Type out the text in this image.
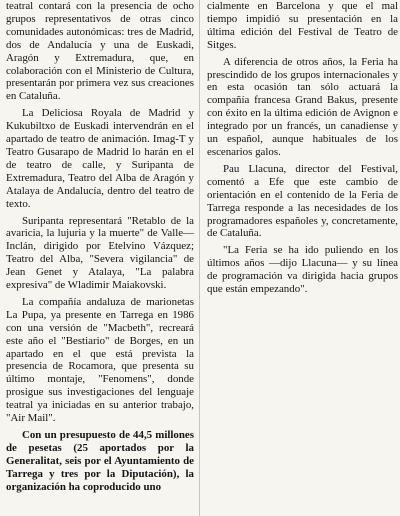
teatral contará con la presencia de ocho grupos representativos de otras cinco comunidades autonómicas: tres de Madrid, dos de Andalucía y una de Euskadi, Aragón y Extremadura, que, en colaboración con el Ministerio de Cultura, presentarán por primera vez sus creaciones en Cataluña.

La Deliciosa Royala de Madrid y Kukubiltxo de Euskadi intervendrán en el apartado de teatro de animación. Imag-T y Teatro Gusarapo de Madrid lo harán en el de teatro de calle, y Suripanta de Extremadura, Teatro del Alba de Aragón y Atalaya de Andalucía, dentro del teatro de texto.

Suripanta representará "Retablo de la avaricia, la lujuria y la muerte" de Valle—Inclán, dirigido por Etelvino Vázquez; Teatro del Alba, "Severa vigilancia" de Jean Genet y Atalaya, "La palabra expresiva" de Wladimir Maiakovski.

La compañía andaluza de marionetas La Pupa, ya presente en Tarrega en 1986 con una versión de "Macbeth", recreará este año el "Bestiario" de Borges, en un apartado en el que está prevista la presencia de Rocamora, que presenta su último montaje, "Fenomens", donde prosigue sus investigaciones del lenguaje teatral ya iniciadas en su anterior trabajo, "Air Mail".

Con un presupuesto de 44,5 millones de pesetas (25 aportados por la Generalitat, seis por el Ayuntamiento de Tarrega y tres por la Diputación), la organización ha coproducido uno

cialmente en Barcelona y que el mal tiempo impidió su presentación en la última edición del Festival de Teatro de Sitges.

A diferencia de otros años, la Feria ha prescindido de los grupos internacionales y en esta ocasión tan sólo actuará la compañía francesa Grand Bakus, presente con éxito en la última edición de Avignon e integrado por un francés, un canadiense y un español, aunque habituales de los escenarios galos.

Pau Llacuna, director del Festival, comentó a Efe que este cambio de orientación en el contenido de la Feria de Tarrega responde a las necesidades de los programadores españoles y, concretamente, de Cataluña.

"La Feria se ha ido puliendo en los últimos años —dijo Llacuna— y su línea de programación va dirigida hacia grupos que están empezando".
